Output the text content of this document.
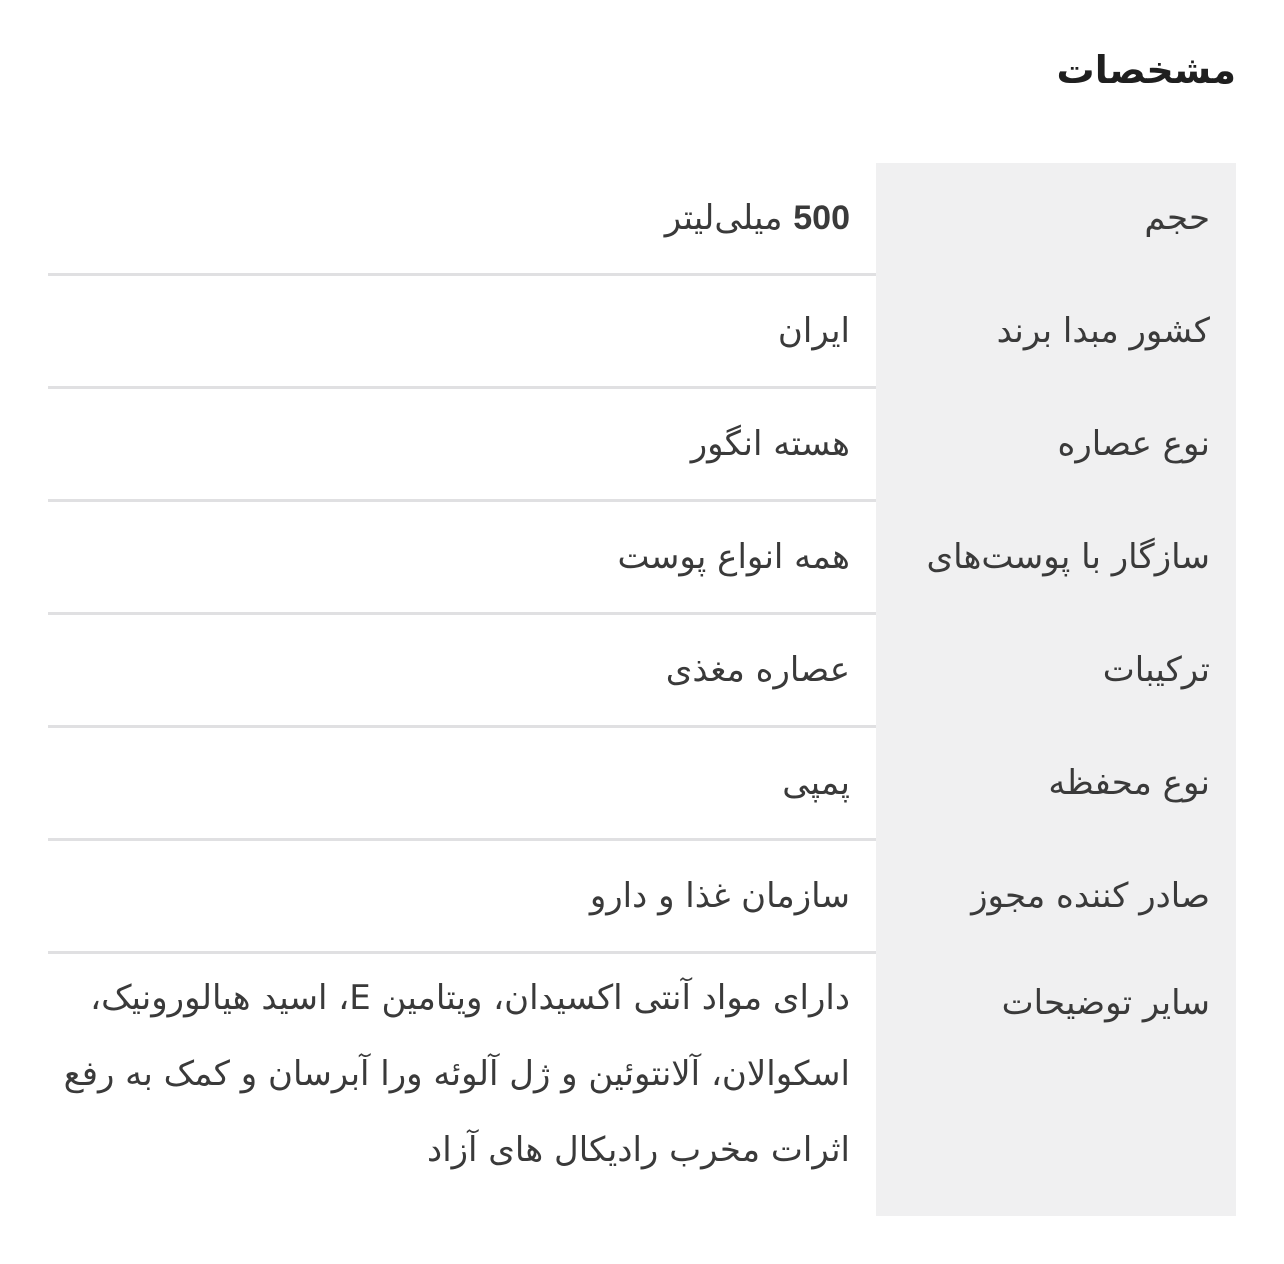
مشخصات
حجم
500 میلی‌لیتر
کشور مبدا برند
ایران
نوع عصاره
هسته انگور
سازگار با پوست‌های
همه انواع پوست
ترکیبات
عصاره مغذی
نوع محفظه
پمپی
صادر کننده مجوز
سازمان غذا و دارو
سایر توضیحات
دارای مواد آنتی اکسیدان، ویتامین E، اسید هیالورونیک، اسکوالان، آلانتوئین و ژل آلوئه ورا آبرسان و کمک به رفع اثرات مخرب رادیکال های آزاد
